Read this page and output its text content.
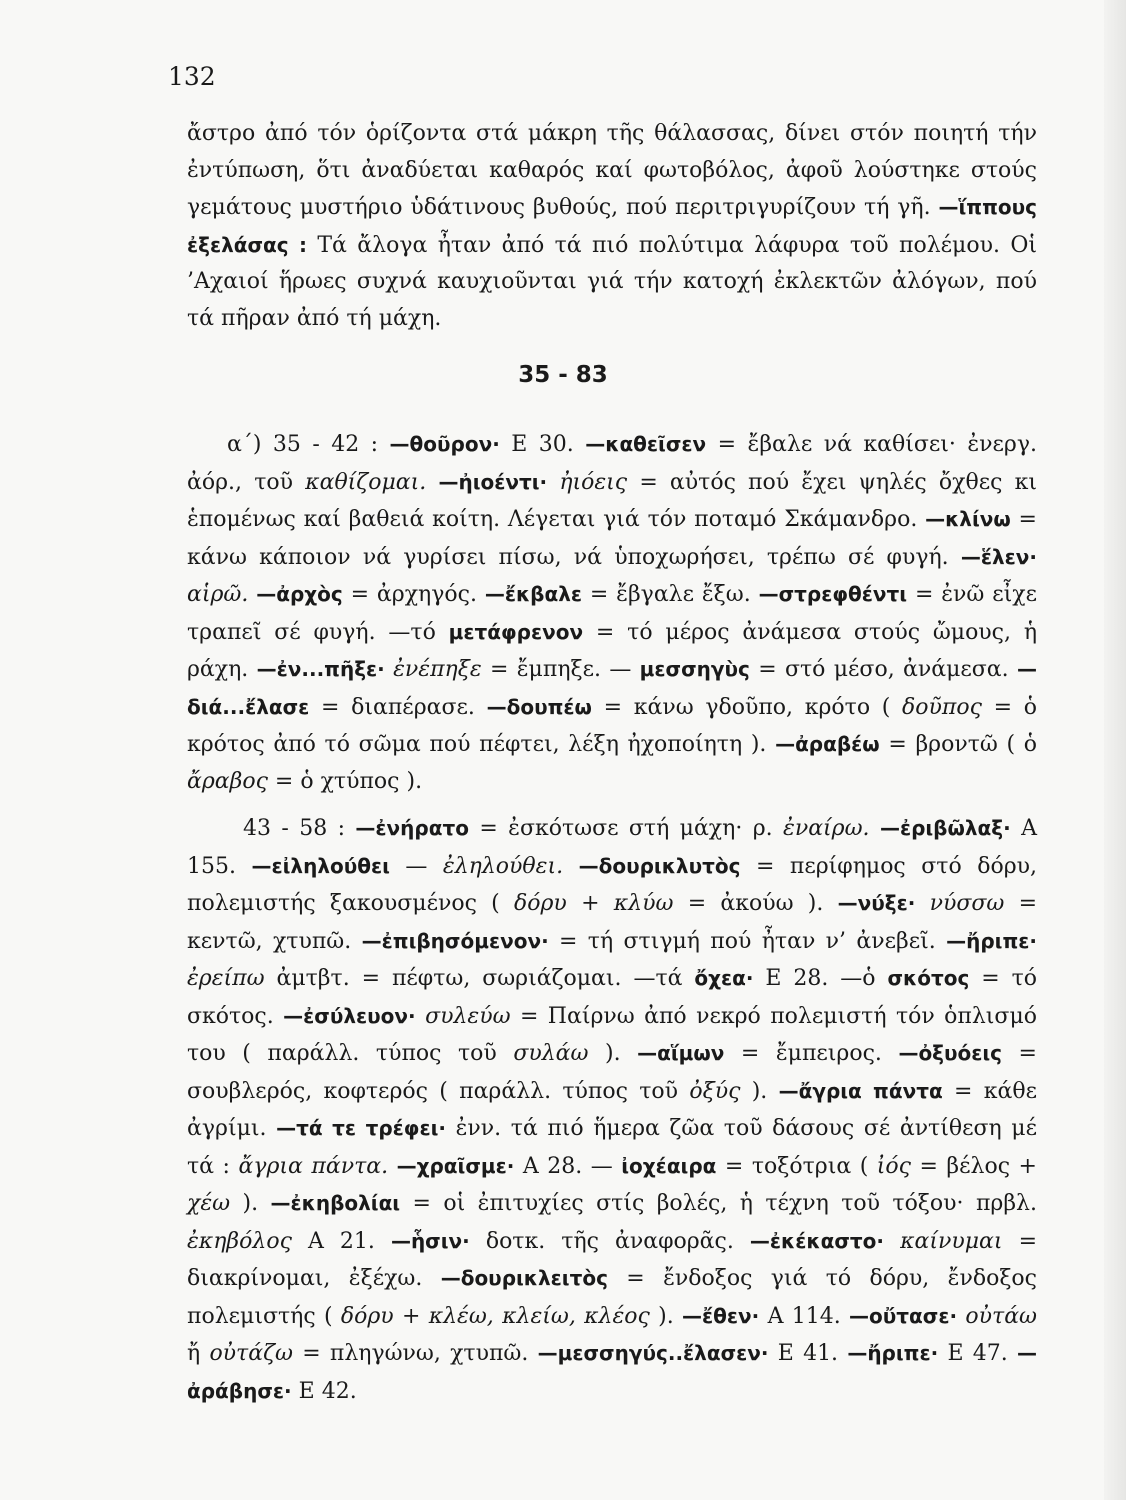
132
ἄστρο ἀπό τόν ὁρίζοντα στά μάκρη τῆς θάλασσας, δίνει στόν ποιητή τήν ἐντύπωση, ὅτι ἀναδύεται καθαρός καί φωτοβόλος, ἀφοῦ λούστηκε στούς γεμάτους μυστήριο ὑδάτινους βυθούς, πού περιτριγυρίζουν τή γῆ. —ἵππους ἐξελάσας : Τά ἄλογα ἦταν ἀπό τά πιό πολύτιμα λάφυρα τοῦ πολέμου. Οἱ ’Αχαιοί ἥρωες συχνά καυχιοῦνται γιά τήν κατοχή ἐκλεκτῶν ἀλόγων, πού τά πῆραν ἀπό τή μάχη.
35 - 83
α΄) 35 - 42 : —θοῦρον· Ε 30. —καθεῖσεν = ἔβαλε νά καθίσει· ἐνεργ. ἀόρ., τοῦ καθίζομαι. —ἠιοέντι· ἠιόεις = αὐτός πού ἔχει ψηλές ὄχθες κι ἑπομένως καί βαθειά κοίτη. Λέγεται γιά τόν ποταμό Σκάμανδρο. —κλίνω = κάνω κάποιον νά γυρίσει πίσω, νά ὑποχωρήσει, τρέπω σέ φυγή. —ἕλεν· αἱρῶ. —ἀρχὸς = ἀρχηγός. —ἔκβαλε = ἔβγαλε ἔξω. —στρεφθέντι = ἐνῶ εἶχε τραπεῖ σέ φυγή. —τό μετάφρενον = τό μέρος ἀνάμεσα στούς ὤμους, ἡ ράχη. —ἐν...πῆξε· ἐνέπηξε = ἔμπηξε. — μεσσηγὺς = στό μέσο, ἀνάμεσα. —διά...ἔλασε = διαπέρασε. —δουπέω = κάνω γδοῦπο, κρότο ( δοῦπος = ὁ κρότος ἀπό τό σῶμα πού πέφτει, λέξη ἠχοποίητη ). —ἀραβέω = βροντῶ ( ὁ ἄραβος = ὁ χτύπος ).
43 - 58 : —ἐνήρατο = ἐσκότωσε στή μάχη· ρ. ἐναίρω. —ἐριβῶλαξ· Α 155. —εἰληλούθει — ἐληλούθει. —δουρικλυτὸς = περίφημος στό δόρυ, πολεμιστής ξακουσμένος ( δόρυ + κλύω = ἀκούω ). —νύξε· νύσσω = κεντῶ, χτυπῶ. —ἐπιβησόμενον· = τή στιγμή πού ἦταν ν’ ἀνεβεῖ. —ἤριπε· ἐρείπω ἀμτβτ. = πέφτω, σωριάζομαι. —τά ὄχεα· Ε 28. —ὁ σκότος = τό σκότος. —ἐσύλευον· συλεύω = Παίρνω ἀπό νεκρό πολεμιστή τόν ὁπλισμό του ( παράλλ. τύπος τοῦ συλάω ). —αἵμων = ἔμπειρος. —ὀξυόεις = σουβλερός, κοφτερός ( παράλλ. τύπος τοῦ ὀξύς ). —ἄγρια πάντα = κάθε ἀγρίμι. —τά τε τρέφει· ἐνν. τά πιό ἥμερα ζῶα τοῦ δάσους σέ ἀντίθεση μέ τά : ἄγρια πάντα. —χραῖσμε· Α 28. — ἰοχέαιρα = τοξότρια ( ἰός = βέλος + χέω ). —ἐκηβολίαι = οἱ ἐπιτυχίες στίς βολές, ἡ τέχνη τοῦ τόξου· πρβλ. ἐκηβόλος Α 21. —ἧσιν· δοτκ. τῆς ἀναφορᾶς. —ἐκέκαστο· καίνυμαι = διακρίνομαι, ἐξέχω. —δουρικλειτὸς = ἔνδοξος γιά τό δόρυ, ἔνδοξος πολεμιστής ( δόρυ + κλέω, κλείω, κλέος ). —ἔθεν· Α 114. —οὔτασε· οὐτάω ἤ οὐτάζω = πληγώνω, χτυπῶ. —μεσσηγύς..ἔλασεν· Ε 41. —ἤριπε· Ε 47. —ἀράβησε· Ε 42.
